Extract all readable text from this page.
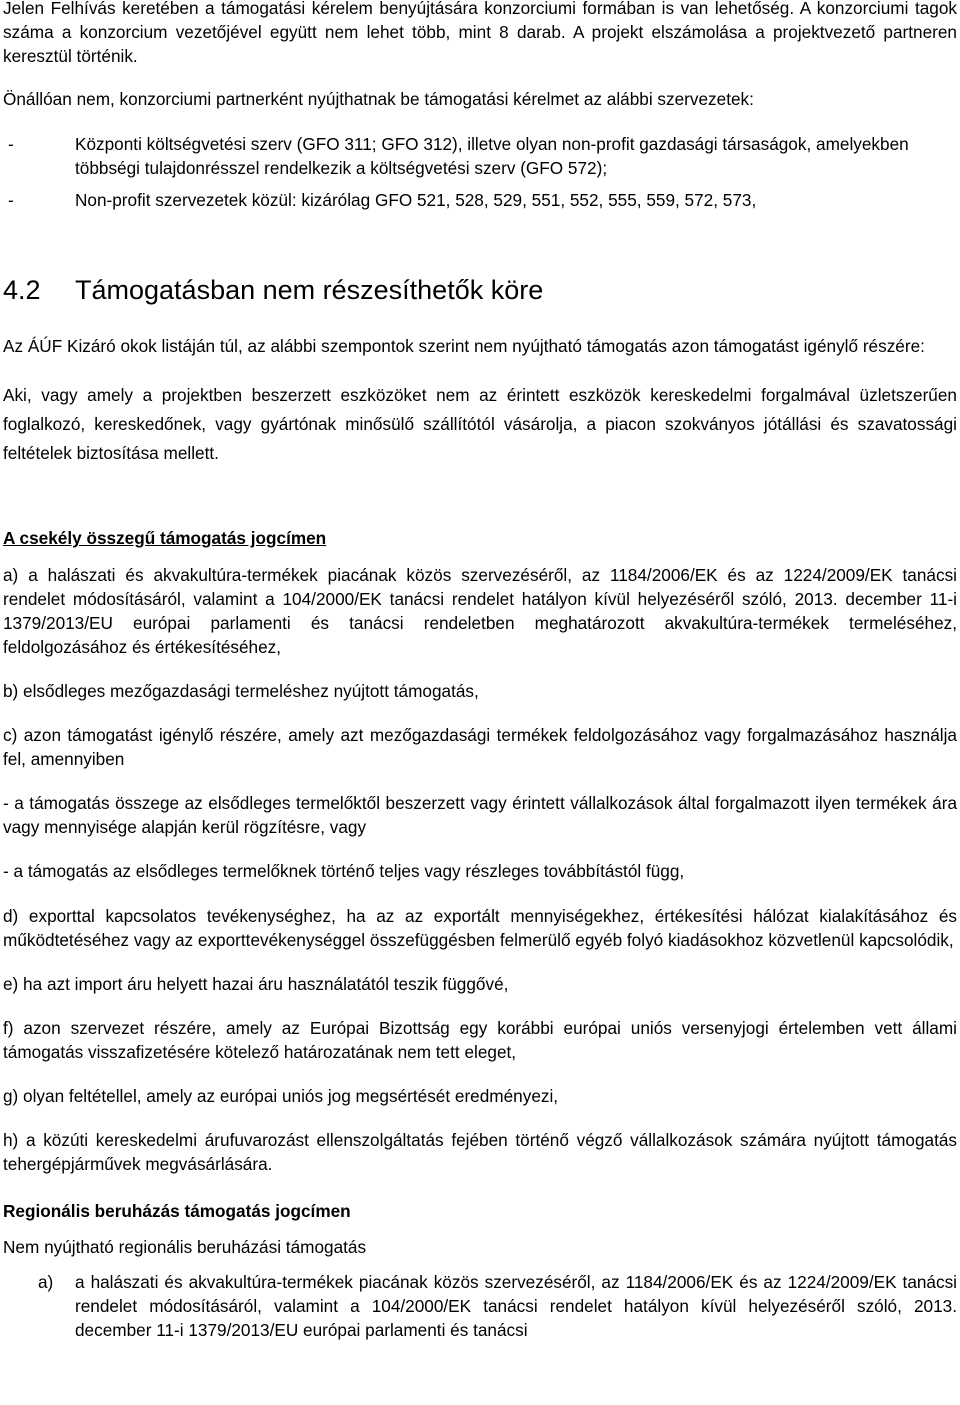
Jelen Felhívás keretében a támogatási kérelem benyújtására konzorciumi formában is van lehetőség. A konzorciumi tagok száma a konzorcium vezetőjével együtt nem lehet több, mint 8 darab. A projekt elszámolása a projektvezető partneren keresztül történik.

Önállóan nem, konzorciumi partnerként nyújthatnak be támogatási kérelmet az alábbi szervezetek:

-	Központi költségvetési szerv (GFO 311; GFO 312), illetve olyan non-profit gazdasági társaságok, amelyekben többségi tulajdonrésszel rendelkezik a költségvetési szerv (GFO 572);
-	Non-profit szervezetek közül: kizárólag GFO 521, 528, 529, 551, 552, 555, 559, 572, 573,
4.2	Támogatásban nem részesíthetők köre

Az ÁÚF Kizáró okok listáján túl, az alábbi szempontok szerint nem nyújtható támogatás azon támogatást igénylő részére:

Aki, vagy amely a projektben beszerzett eszközöket nem az érintett eszközök kereskedelmi forgalmával üzletszerűen foglalkozó, kereskedőnek, vagy gyártónak minősülő szállítótól vásárolja, a piacon szokványos jótállási és szavatossági feltételek biztosítása mellett.

A csekély összegű támogatás jogcímen

a) a halászati és akvakultúra-termékek piacának közös szervezéséről, az 1184/2006/EK és az 1224/2009/EK tanácsi rendelet módosításáról, valamint a 104/2000/EK tanácsi rendelet hatályon kívül helyezéséről szóló, 2013. december 11-i 1379/2013/EU európai parlamenti és tanácsi rendeletben meghatározott akvakultúra-termékek termeléséhez, feldolgozásához és értékesítéséhez,

b) elsődleges mezőgazdasági termeléshez nyújtott támogatás,

c) azon támogatást igénylő részére, amely azt mezőgazdasági termékek feldolgozásához vagy forgalmazásához használja fel, amennyiben

- a támogatás összege az elsődleges termelőktől beszerzett vagy érintett vállalkozások által forgalmazott ilyen termékek ára vagy mennyisége alapján kerül rögzítésre, vagy

- a támogatás az elsődleges termelőknek történő teljes vagy részleges továbbítástól függ,

d) exporttal kapcsolatos tevékenységhez, ha az az exportált mennyiségekhez, értékesítési hálózat kialakításához és működtetéséhez vagy az exporttevékenységgel összefüggésben felmerülő egyéb folyó kiadásokhoz közvetlenül kapcsolódik,

e) ha azt import áru helyett hazai áru használatától teszik függővé,

f) azon szervezet részére, amely az Európai Bizottság egy korábbi európai uniós versenyjogi értelemben vett állami támogatás visszafizetésére kötelező határozatának nem tett eleget,

g) olyan feltétellel, amely az európai uniós jog megsértését eredményezi,

h) a közúti kereskedelmi árufuvarozást ellenszolgáltatás fejében történő végző vállalkozások számára nyújtott támogatás tehergépjárművek megvásárlására.

Regionális beruházás támogatás jogcímen

Nem nyújtható regionális beruházási támogatás

a) a halászati és akvakultúra-termékek piacának közös szervezéséről, az 1184/2006/EK és az 1224/2009/EK tanácsi rendelet módosításáról, valamint a 104/2000/EK tanácsi rendelet hatályon kívül helyezéséről szóló, 2013. december 11-i 1379/2013/EU európai parlamenti és tanácsi
